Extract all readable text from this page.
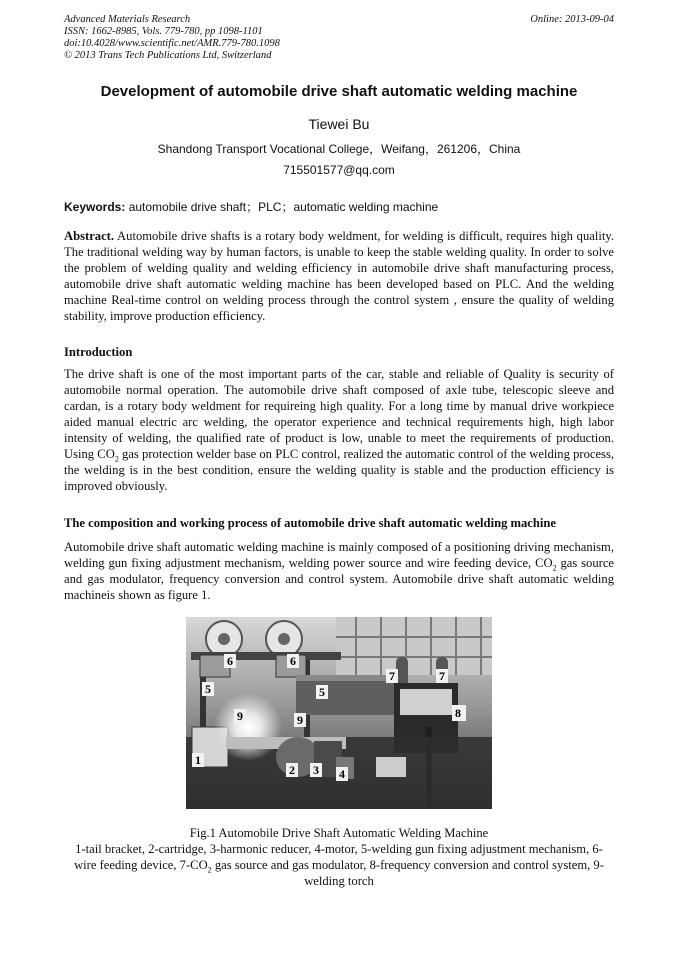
Advanced Materials Research
ISSN: 1662-8985, Vols. 779-780, pp 1098-1101
doi:10.4028/www.scientific.net/AMR.779-780.1098
© 2013 Trans Tech Publications Ltd, Switzerland
Online: 2013-09-04
Development of automobile drive shaft automatic welding machine
Tiewei Bu
Shandong Transport Vocational College，Weifang，261206，China
715501577@qq.com
Keywords: automobile drive shaft；PLC；automatic welding machine
Abstract. Automobile drive shafts is a rotary body weldment, for welding is difficult, requires high quality. The traditional welding way by human factors, is unable to keep the stable welding quality. In order to solve the problem of welding quality and welding efficiency in automobile drive shaft manufacturing process, automobile drive shaft automatic welding machine has been developed based on PLC. And the welding machine Real-time control on welding process through the control system , ensure the quality of welding stability, improve production efficiency.
Introduction
The drive shaft is one of the most important parts of the car, stable and reliable of Quality is security of automobile normal operation. The automobile drive shaft composed of axle tube, telescopic sleeve and cardan, is a rotary body weldment for requireing high quality. For a long time by manual drive workpiece aided manual electric arc welding, the operator experience and technical requirements high, high labor intensity of welding, the qualified rate of product is low, unable to meet the requirements of production. Using $CO_2$ gas protection welder base on PLC control, realized the automatic control of the welding process, the welding is in the best condition, ensure the welding quality is stable and the production efficiency is improved obviously.
The composition and working process of automobile drive shaft automatic welding machine
Automobile drive shaft automatic welding machine is mainly composed of a positioning driving mechanism, welding gun fixing adjustment mechanism, welding power source and wire feeding device, $CO_2$ gas source and gas modulator, frequency conversion and control system. Automobile drive shaft automatic welding machineis shown as figure 1.
6	6
5	5
9	9
7	7
8
1
2 3 4
Fig.1 Automobile Drive Shaft Automatic Welding Machine
1-tail bracket, 2-cartridge, 3-harmonic reducer, 4-motor, 5-welding gun fixing adjustment mechanism, 6- wire feeding device, $7-CO_2$ gas source and gas modulator, 8-frequency conversion and control system, 9- welding torch
